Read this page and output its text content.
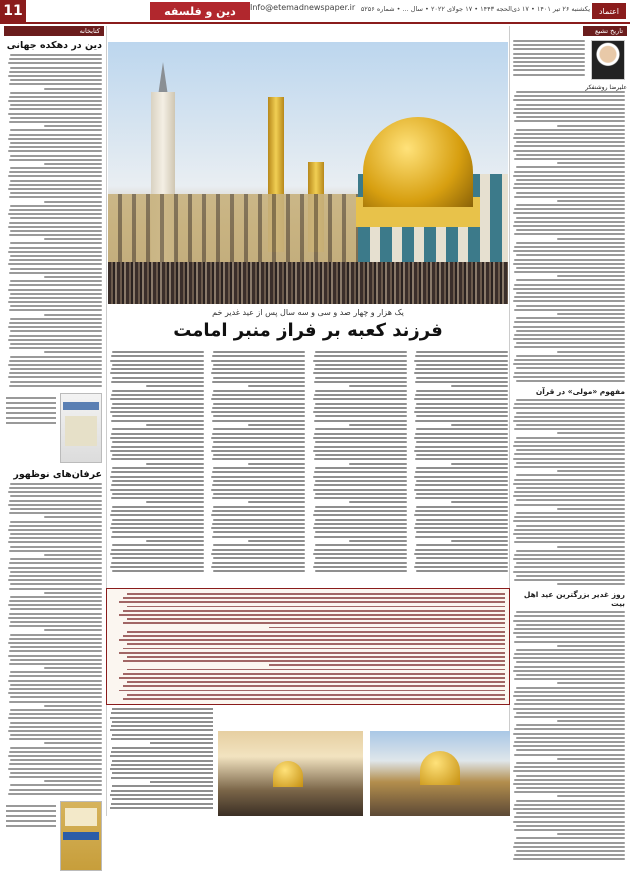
11	دین و فلسفه	Info@etemadnewspaper.ir یکشنبه ۲۶ تیر ۱۴۰۱ • ۱۷ ذی‌الحجه ۱۴۴۳ • ۱۷ جولای ۲۰۲۲ • سال ... • شماره ۵۲۵۶	اعتماد
کتابخانه
دین در دهکده جهانی
عرفان‌های نوظهور
تاریخ تشیع
علیرضا روشنفکر
مفهوم «مولی» در قرآن
روز غدیر بزرگترین عید اهل بیت
یک هزار و چهار صد و سی و سه سال پس از عید غدیر خم
فرزند کعبه بر فراز منبر امامت
